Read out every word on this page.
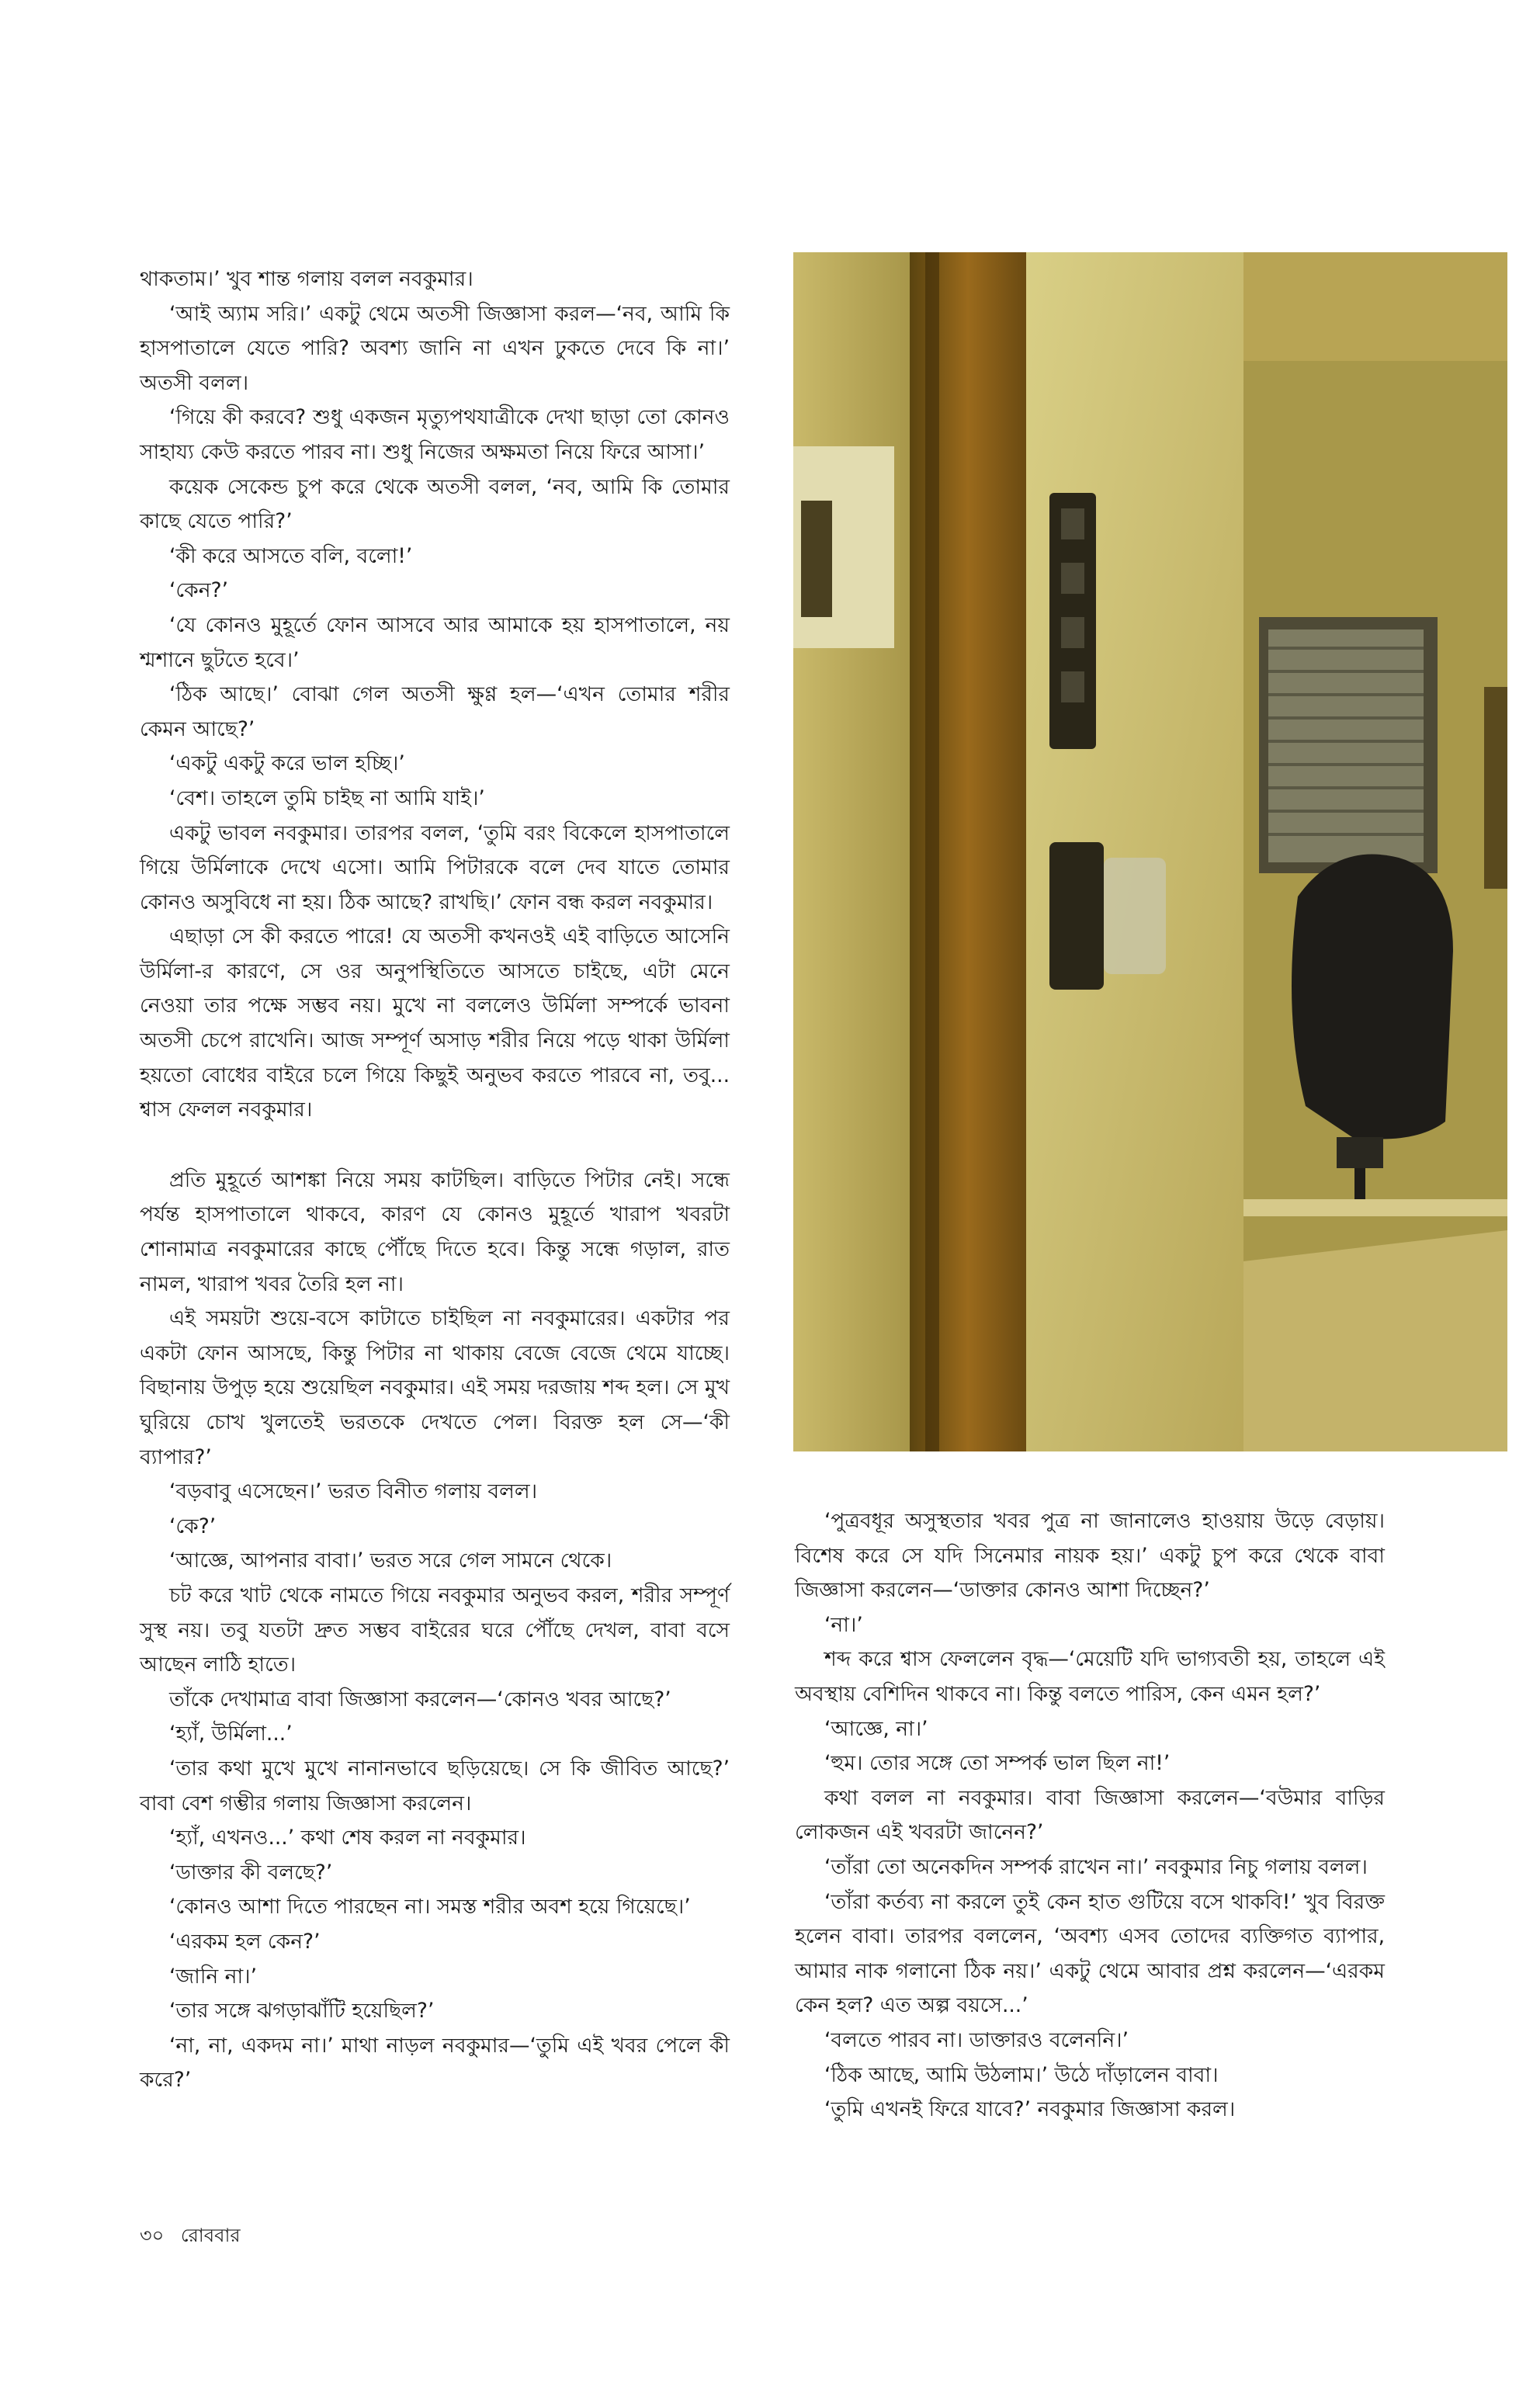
থাকতাম।’ খুব শান্ত গলায় বলল নবকুমার।

‘আই অ্যাম সরি।’ একটু থেমে অতসী জিজ্ঞাসা করল—‘নব, আমি কি হাসপাতালে যেতে পারি? অবশ্য জানি না এখন ঢুকতে দেবে কি না।’ অতসী বলল।

‘গিয়ে কী করবে? শুধু একজন মৃত্যুপথযাত্রীকে দেখা ছাড়া তো কোনও সাহায্য কেউ করতে পারব না। শুধু নিজের অক্ষমতা নিয়ে ফিরে আসা।’

কয়েক সেকেন্ড চুপ করে থেকে অতসী বলল, ‘নব, আমি কি তোমার কাছে যেতে পারি?’

‘কী করে আসতে বলি, বলো!’

‘কেন?’

‘যে কোনও মুহূর্তে ফোন আসবে আর আমাকে হয় হাসপাতালে, নয় শ্মশানে ছুটতে হবে।’

‘ঠিক আছে।’ বোঝা গেল অতসী ক্ষুণ্ণ হল—‘এখন তোমার শরীর কেমন আছে?’

‘একটু একটু করে ভাল হচ্ছি।’

‘বেশ। তাহলে তুমি চাইছ না আমি যাই।’

একটু ভাবল নবকুমার। তারপর বলল, ‘তুমি বরং বিকেলে হাসপাতালে গিয়ে উর্মিলাকে দেখে এসো। আমি পিটারকে বলে দেব যাতে তোমার কোনও অসুবিধে না হয়। ঠিক আছে? রাখছি।’ ফোন বন্ধ করল নবকুমার।

এছাড়া সে কী করতে পারে! যে অতসী কখনওই এই বাড়িতে আসেনি উর্মিলা-র কারণে, সে ওর অনুপস্থিতিতে আসতে চাইছে, এটা মেনে নেওয়া তার পক্ষে সম্ভব নয়। মুখে না বললেও উর্মিলা সম্পর্কে ভাবনা অতসী চেপে রাখেনি। আজ সম্পূর্ণ অসাড় শরীর নিয়ে পড়ে থাকা উর্মিলা হয়তো বোধের বাইরে চলে গিয়ে কিছুই অনুভব করতে পারবে না, তবু... শ্বাস ফেলল নবকুমার।

প্রতি মুহূর্তে আশঙ্কা নিয়ে সময় কাটছিল। বাড়িতে পিটার নেই। সন্ধে পর্যন্ত হাসপাতালে থাকবে, কারণ যে কোনও মুহূর্তে খারাপ খবরটা শোনামাত্র নবকুমারের কাছে পৌঁছে দিতে হবে। কিন্তু সন্ধে গড়াল, রাত নামল, খারাপ খবর তৈরি হল না।

এই সময়টা শুয়ে-বসে কাটাতে চাইছিল না নবকুমারের। একটার পর একটা ফোন আসছে, কিন্তু পিটার না থাকায় বেজে বেজে থেমে যাচ্ছে। বিছানায় উপুড় হয়ে শুয়েছিল নবকুমার। এই সময় দরজায় শব্দ হল। সে মুখ ঘুরিয়ে চোখ খুলতেই ভরতকে দেখতে পেল। বিরক্ত হল সে—‘কী ব্যাপার?’

‘বড়বাবু এসেছেন।’ ভরত বিনীত গলায় বলল।

‘কে?’

‘আজ্ঞে, আপনার বাবা।’ ভরত সরে গেল সামনে থেকে।

চট করে খাট থেকে নামতে গিয়ে নবকুমার অনুভব করল, শরীর সম্পূর্ণ সুস্থ নয়। তবু যতটা দ্রুত সম্ভব বাইরের ঘরে পৌঁছে দেখল, বাবা বসে আছেন লাঠি হাতে।

তাঁকে দেখামাত্র বাবা জিজ্ঞাসা করলেন—‘কোনও খবর আছে?’

‘হ্যাঁ, উর্মিলা...’

‘তার কথা মুখে মুখে নানানভাবে ছড়িয়েছে। সে কি জীবিত আছে?’ বাবা বেশ গম্ভীর গলায় জিজ্ঞাসা করলেন।

‘হ্যাঁ, এখনও...’ কথা শেষ করল না নবকুমার।

‘ডাক্তার কী বলছে?’

‘কোনও আশা দিতে পারছেন না। সমস্ত শরীর অবশ হয়ে গিয়েছে।’

‘এরকম হল কেন?’

‘জানি না।’

‘তার সঙ্গে ঝগড়াঝাঁটি হয়েছিল?’

‘না, না, একদম না।’ মাথা নাড়ল নবকুমার—‘তুমি এই খবর পেলে কী করে?’

‘পুত্রবধূর অসুস্থতার খবর পুত্র না জানালেও হাওয়ায় উড়ে বেড়ায়। বিশেষ করে সে যদি সিনেমার নায়ক হয়।’ একটু চুপ করে থেকে বাবা জিজ্ঞাসা করলেন—‘ডাক্তার কোনও আশা দিচ্ছেন?’

‘না।’

শব্দ করে শ্বাস ফেললেন বৃদ্ধ—‘মেয়েটি যদি ভাগ্যবতী হয়, তাহলে এই অবস্থায় বেশিদিন থাকবে না। কিন্তু বলতে পারিস, কেন এমন হল?’

‘আজ্ঞে, না।’

‘হুম। তোর সঙ্গে তো সম্পর্ক ভাল ছিল না!’

কথা বলল না নবকুমার। বাবা জিজ্ঞাসা করলেন—‘বউমার বাড়ির লোকজন এই খবরটা জানেন?’

‘তাঁরা তো অনেকদিন সম্পর্ক রাখেন না।’ নবকুমার নিচু গলায় বলল।

‘তাঁরা কর্তব্য না করলে তুই কেন হাত গুটিয়ে বসে থাকবি!’ খুব বিরক্ত হলেন বাবা। তারপর বললেন, ‘অবশ্য এসব তোদের ব্যক্তিগত ব্যাপার, আমার নাক গলানো ঠিক নয়।’ একটু থেমে আবার প্রশ্ন করলেন—‘এরকম কেন হল? এত অল্প বয়সে...’

‘বলতে পারব না। ডাক্তারও বলেননি।’

‘ঠিক আছে, আমি উঠলাম।’ উঠে দাঁড়ালেন বাবা।

‘তুমি এখনই ফিরে যাবে?’ নবকুমার জিজ্ঞাসা করল।

৩০ রোববার
